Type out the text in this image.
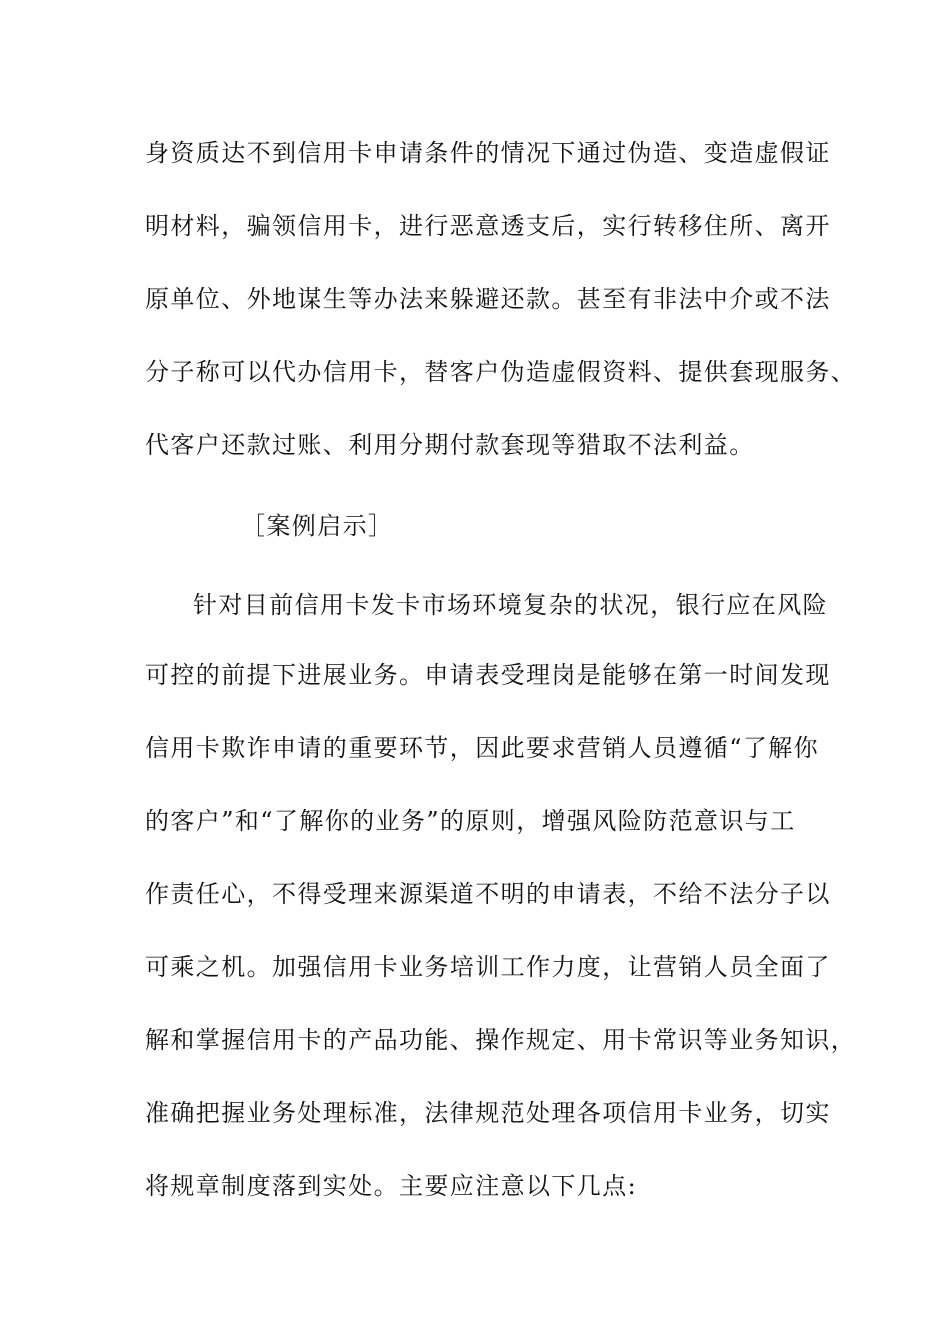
身资质达不到信用卡申请条件的情况下通过伪造、变造虚假证
明材料，骗领信用卡，进行恶意透支后，实行转移住所、离开
原单位、外地谋生等办法来躲避还款。甚至有非法中介或不法
分子称可以代办信用卡，替客户伪造虚假资料、提供套现服务、
代客户还款过账、利用分期付款套现等猎取不法利益。
［案例启示］
针对目前信用卡发卡市场环境复杂的状况，银行应在风险
可控的前提下进展业务。申请表受理岗是能够在第一时间发现
信用卡欺诈申请的重要环节，因此要求营销人员遵循“了解你
的客户”和“了解你的业务”的原则，增强风险防范意识与工
作责任心，不得受理来源渠道不明的申请表，不给不法分子以
可乘之机。加强信用卡业务培训工作力度，让营销人员全面了
解和掌握信用卡的产品功能、操作规定、用卡常识等业务知识，
准确把握业务处理标准，法律规范处理各项信用卡业务，切实
将规章制度落到实处。主要应注意以下几点:
